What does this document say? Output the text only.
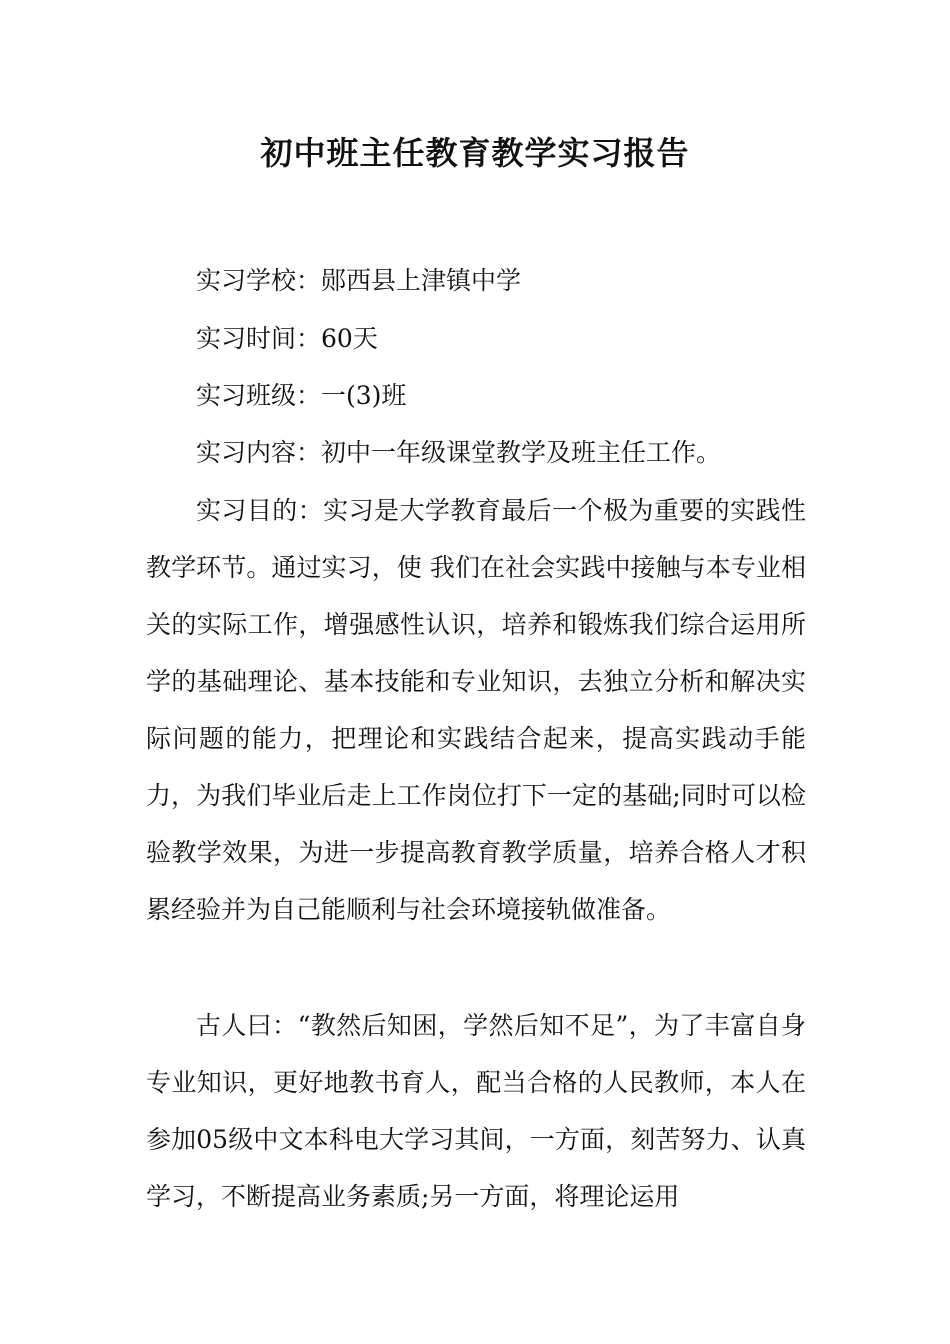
初中班主任教育教学实习报告

实习学校：郧西县上津镇中学

实习时间：60天

实习班级：一(3)班

实习内容：初中一年级课堂教学及班主任工作。

实习目的：实习是大学教育最后一个极为重要的实践性教学环节。通过实习，使 我们在社会实践中接触与本专业相关的实际工作，增强感性认识，培养和锻炼我们综合运用所学的基础理论、基本技能和专业知识，去独立分析和解决实际问题的能力，把理论和实践结合起来，提高实践动手能力，为我们毕业后走上工作岗位打下一定的基础;同时可以检验教学效果，为进一步提高教育教学质量，培养合格人才积累经验并为自己能顺利与社会环境接轨做准备。

古人曰：“教然后知困，学然后知不足”，为了丰富自身专业知识，更好地教书育人，配当合格的人民教师，本人在参加05级中文本科电大学习其间，一方面，刻苦努力、认真学习，不断提高业务素质;另一方面，将理论运用
